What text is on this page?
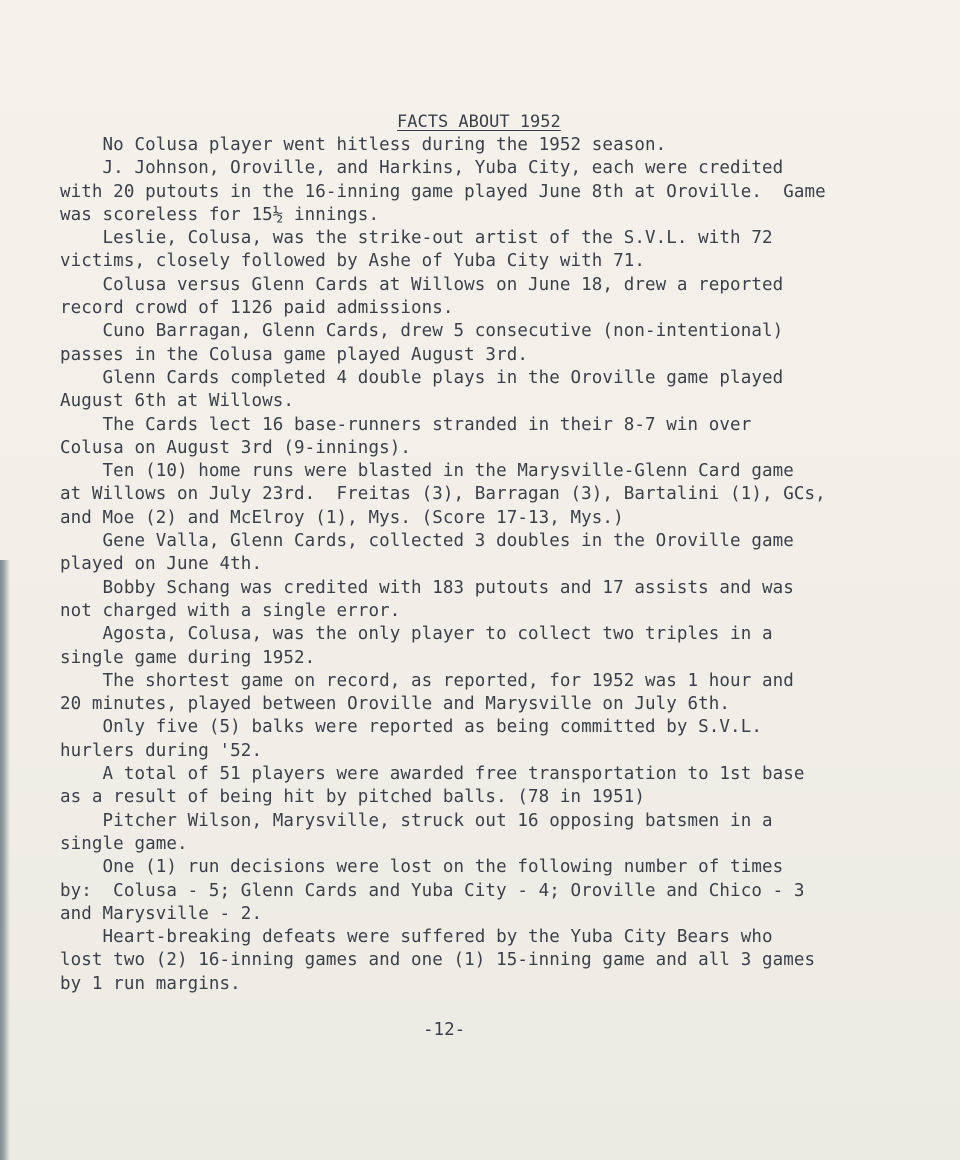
FACTS ABOUT 1952
No Colusa player went hitless during the 1952 season.
J. Johnson, Oroville, and Harkins, Yuba City, each were credited
with 20 putouts in the 16-inning game played June 8th at Oroville.  Game
was scoreless for 15½ innings.
Leslie, Colusa, was the strike-out artist of the S.V.L. with 72
victims, closely followed by Ashe of Yuba City with 71.
Colusa versus Glenn Cards at Willows on June 18, drew a reported
record crowd of 1126 paid admissions.
Cuno Barragan, Glenn Cards, drew 5 consecutive (non-intentional)
passes in the Colusa game played August 3rd.
Glenn Cards completed 4 double plays in the Oroville game played
August 6th at Willows.
The Cards lect 16 base-runners stranded in their 8-7 win over
Colusa on August 3rd (9-innings).
Ten (10) home runs were blasted in the Marysville-Glenn Card game
at Willows on July 23rd.  Freitas (3), Barragan (3), Bartalini (1), GCs,
and Moe (2) and McElroy (1), Mys. (Score 17-13, Mys.)
Gene Valla, Glenn Cards, collected 3 doubles in the Oroville game
played on June 4th.
Bobby Schang was credited with 183 putouts and 17 assists and was
not charged with a single error.
Agosta, Colusa, was the only player to collect two triples in a
single game during 1952.
The shortest game on record, as reported, for 1952 was 1 hour and
20 minutes, played between Oroville and Marysville on July 6th.
Only five (5) balks were reported as being committed by S.V.L.
hurlers during '52.
A total of 51 players were awarded free transportation to 1st base
as a result of being hit by pitched balls. (78 in 1951)
Pitcher Wilson, Marysville, struck out 16 opposing batsmen in a
single game.
One (1) run decisions were lost on the following number of times
by:  Colusa - 5; Glenn Cards and Yuba City - 4; Oroville and Chico - 3
and Marysville - 2.
Heart-breaking defeats were suffered by the Yuba City Bears who
lost two (2) 16-inning games and one (1) 15-inning game and all 3 games
by 1 run margins.
-12-
